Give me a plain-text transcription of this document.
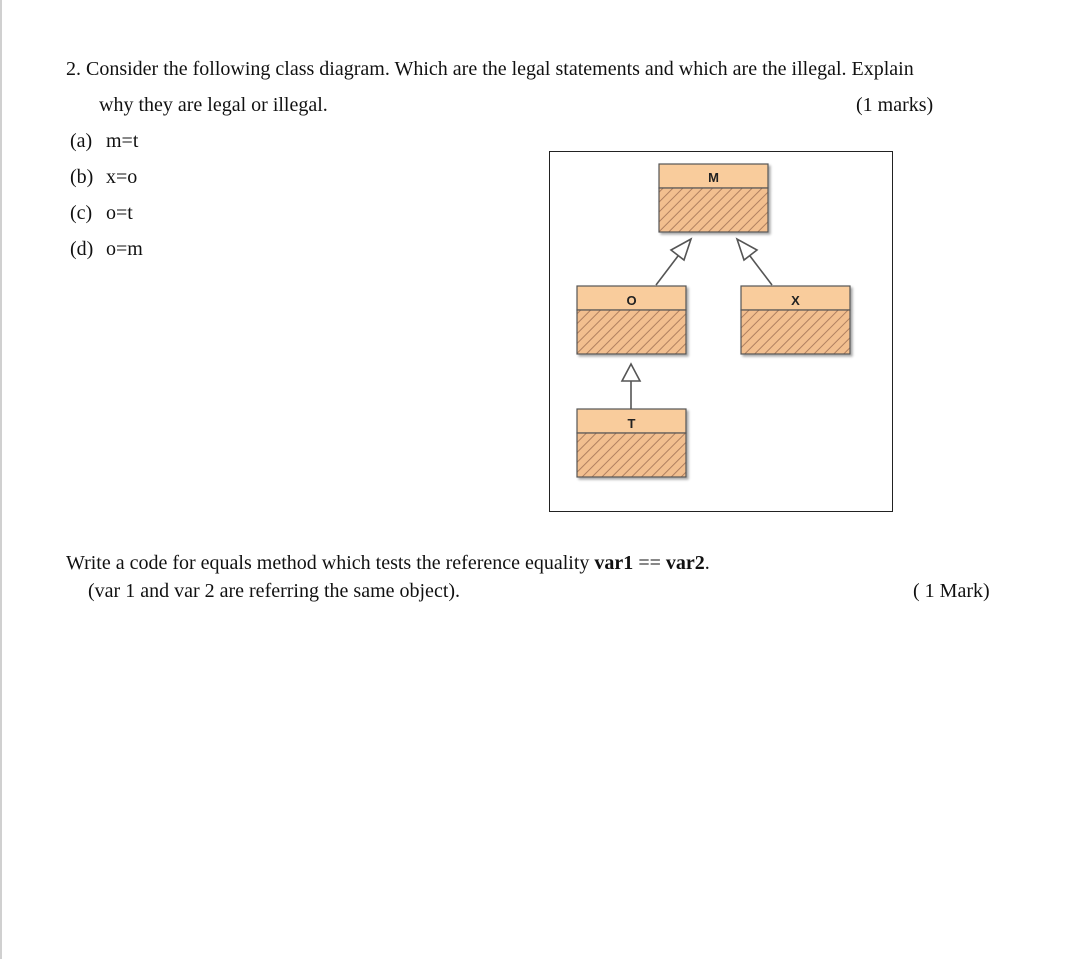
2. Consider the following class diagram. Which are the legal statements and which are the illegal. Explain
why they are legal or illegal.	(1 marks)
(a) m=t
(b) x=o
(c) o=t
(d) o=m
M
O	X
T
Write a code for equals method which tests the reference equality var1 == var2.
(var 1 and var 2 are referring the same object).	( 1 Mark)
